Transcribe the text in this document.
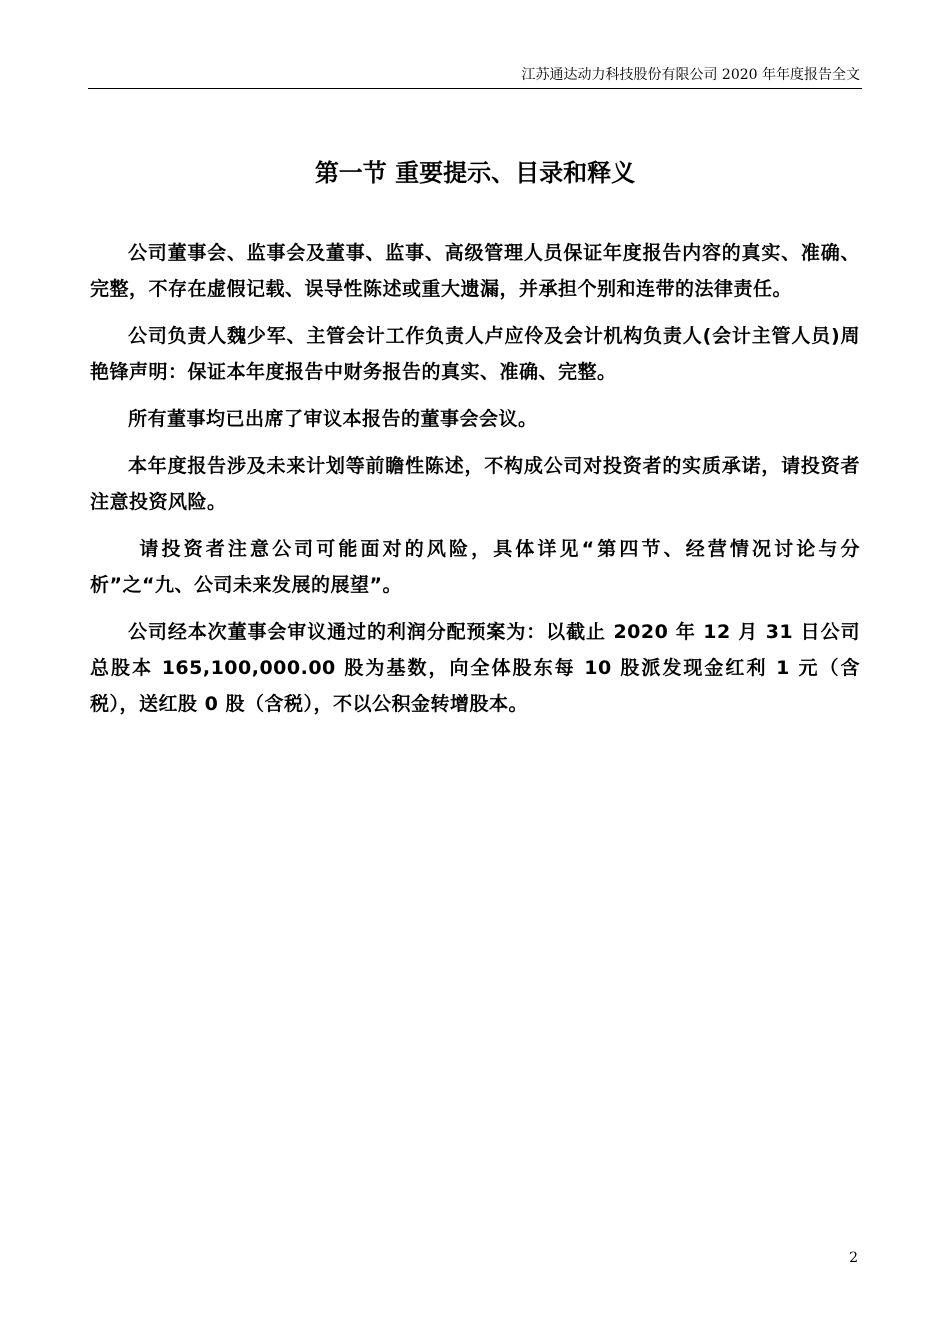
江苏通达动力科技股份有限公司 2020 年年度报告全文
第一节 重要提示、目录和释义

公司董事会、监事会及董事、监事、高级管理人员保证年度报告内容的真实、准确、完整，不存在虚假记载、误导性陈述或重大遗漏，并承担个别和连带的法律责任。

公司负责人魏少军、主管会计工作负责人卢应伶及会计机构负责人(会计主管人员)周艳锋声明：保证本年度报告中财务报告的真实、准确、完整。

所有董事均已出席了审议本报告的董事会会议。

本年度报告涉及未来计划等前瞻性陈述，不构成公司对投资者的实质承诺，请投资者注意投资风险。

请投资者注意公司可能面对的风险，具体详见“第四节、经营情况讨论与分析”之“九、公司未来发展的展望”。

公司经本次董事会审议通过的利润分配预案为：以截止 2020 年 12 月 31 日公司总股本 165,100,000.00 股为基数，向全体股东每 10 股派发现金红利 1 元（含税），送红股 0 股（含税），不以公积金转增股本。

2
